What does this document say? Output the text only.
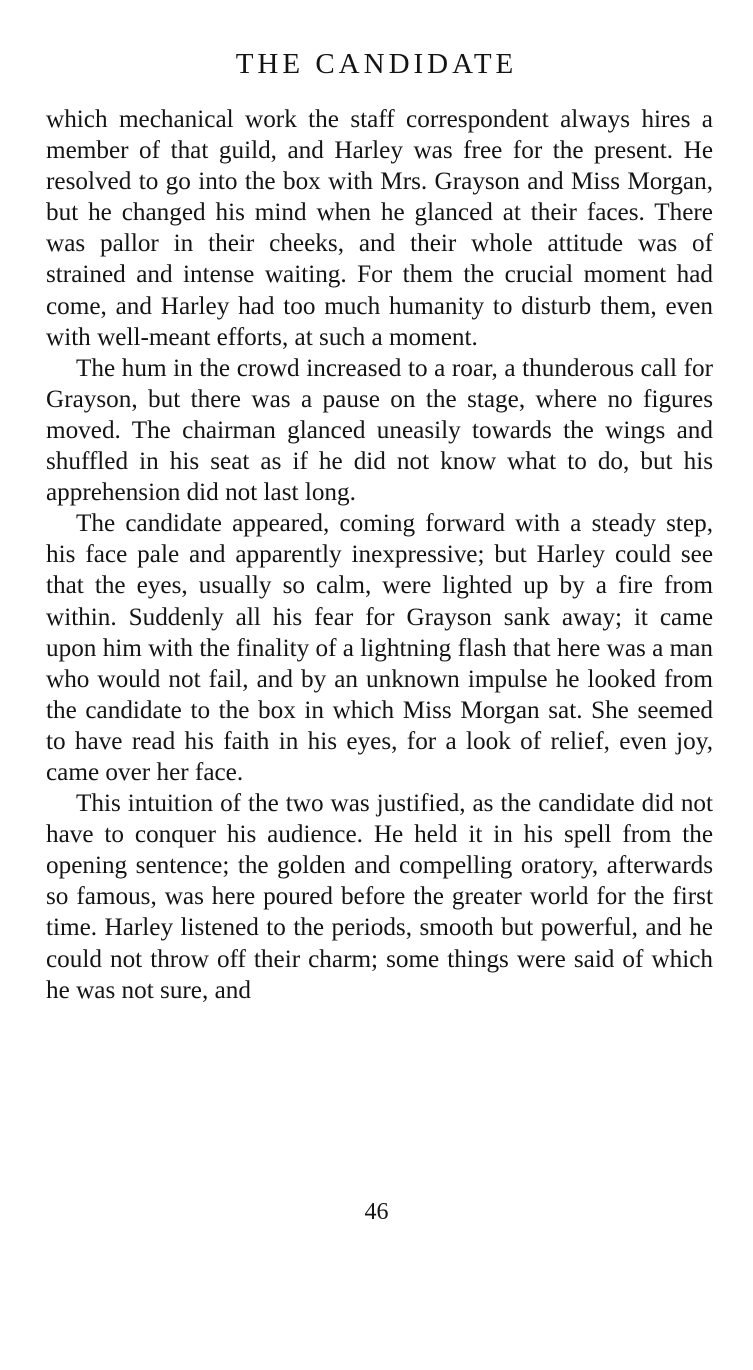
THE CANDIDATE

which mechanical work the staff correspondent always hires a member of that guild, and Harley was free for the present. He resolved to go into the box with Mrs. Grayson and Miss Morgan, but he changed his mind when he glanced at their faces. There was pallor in their cheeks, and their whole attitude was of strained and intense waiting. For them the crucial moment had come, and Harley had too much humanity to disturb them, even with well-meant efforts, at such a moment.

The hum in the crowd increased to a roar, a thunderous call for Grayson, but there was a pause on the stage, where no figures moved. The chairman glanced uneasily towards the wings and shuffled in his seat as if he did not know what to do, but his apprehension did not last long.

The candidate appeared, coming forward with a steady step, his face pale and apparently inexpressive; but Harley could see that the eyes, usually so calm, were lighted up by a fire from within. Suddenly all his fear for Grayson sank away; it came upon him with the finality of a lightning flash that here was a man who would not fail, and by an unknown impulse he looked from the candidate to the box in which Miss Morgan sat. She seemed to have read his faith in his eyes, for a look of relief, even joy, came over her face.

This intuition of the two was justified, as the candidate did not have to conquer his audience. He held it in his spell from the opening sentence; the golden and compelling oratory, afterwards so famous, was here poured before the greater world for the first time. Harley listened to the periods, smooth but powerful, and he could not throw off their charm; some things were said of which he was not sure, and

46
